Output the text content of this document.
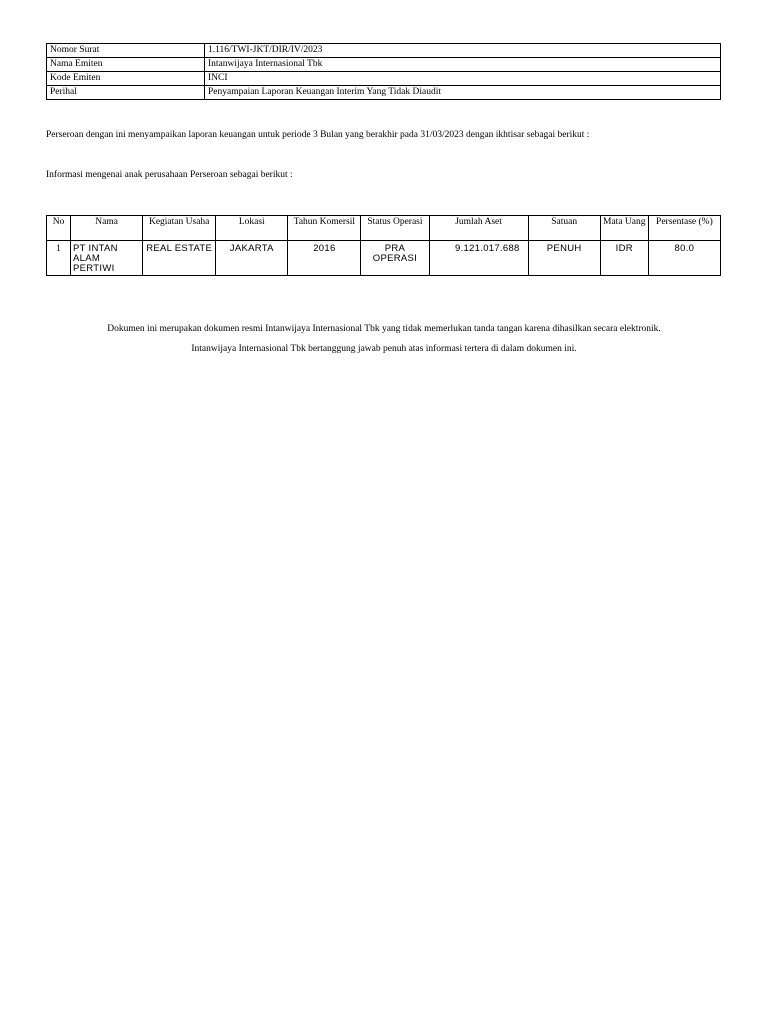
Nomor Surat	1.116/TWI-JKT/DIR/IV/2023
Nama Emiten	Intanwijaya Internasional Tbk
Kode Emiten	INCI
Perihal	Penyampaian Laporan Keuangan Interim Yang Tidak Diaudit
Perseroan dengan ini menyampaikan laporan keuangan untuk periode 3 Bulan yang berakhir pada 31/03/2023 dengan ikhtisar sebagai berikut :
Informasi mengenai anak perusahaan Perseroan sebagai berikut :
No	Nama	Kegiatan Usaha	Lokasi	Tahun Komersil	Status Operasi	Jumlah Aset	Satuan	Mata Uang	Persentase (%)
1	PT INTAN ALAM PERTIWI	REAL ESTATE	JAKARTA	2016	PRA OPERASI	9.121.017.688	PENUH	IDR	80.0
Dokumen ini merupakan dokumen resmi Intanwijaya Internasional Tbk yang tidak memerlukan tanda tangan karena dihasilkan secara elektronik.
Intanwijaya Internasional Tbk bertanggung jawab penuh atas informasi tertera di dalam dokumen ini.
